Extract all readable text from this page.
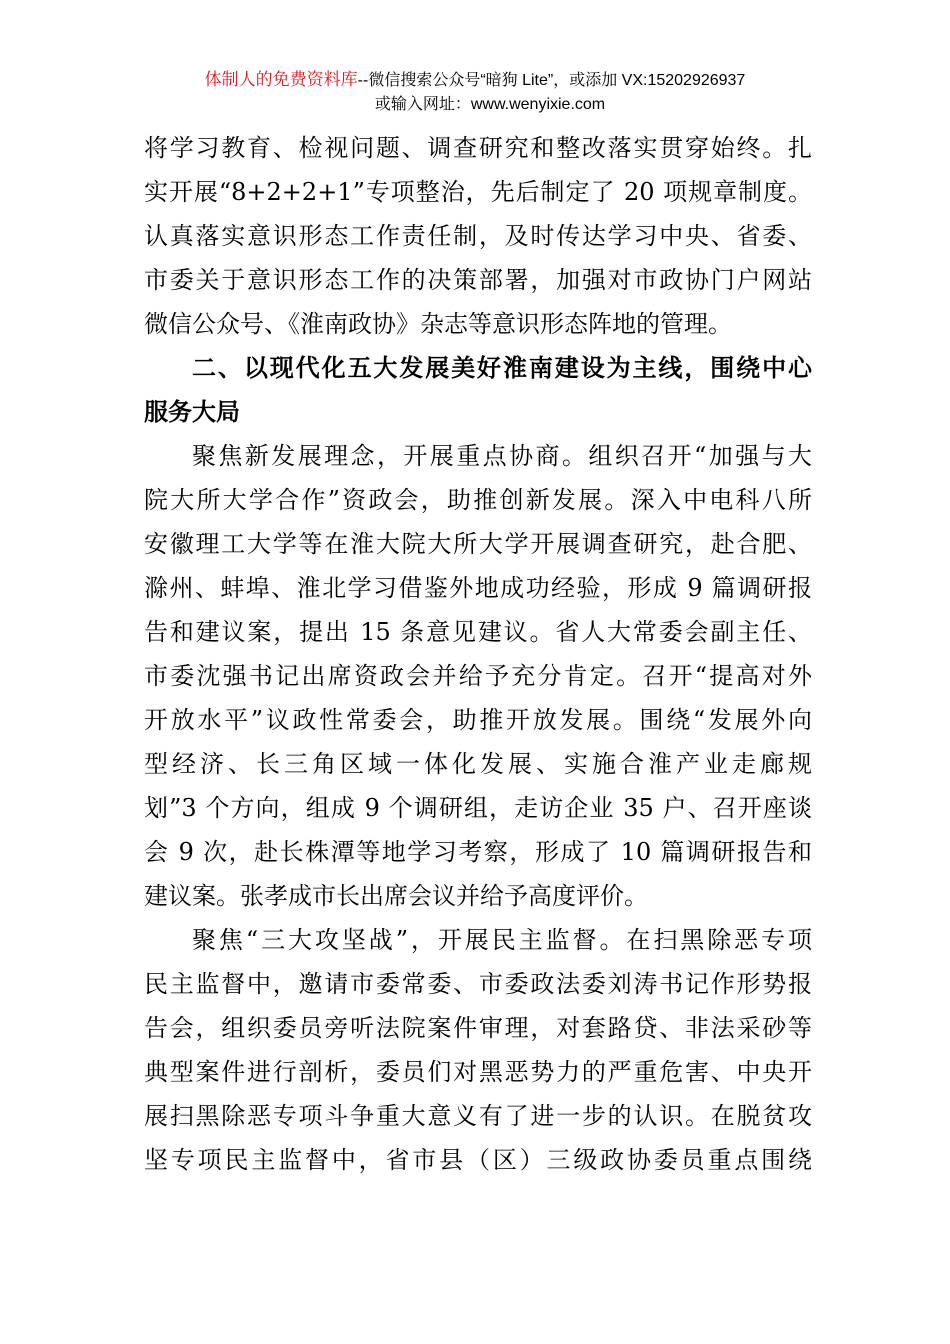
体制人的免费资料库--微信搜索公众号“暗狗 Lite”，或添加 VX:15202926937
或输入网址：www.wenyixie.com
将学习教育、检视问题、调查研究和整改落实贯穿始终。扎
实开展“8+2+2+1”专项整治，先后制定了 20 项规章制度。
认真落实意识形态工作责任制，及时传达学习中央、省委、
市委关于意识形态工作的决策部署，加强对市政协门户网站
微信公众号、《淮南政协》杂志等意识形态阵地的管理。
二、以现代化五大发展美好淮南建设为主线，围绕中心
服务大局
聚焦新发展理念，开展重点协商。组织召开“加强与大
院大所大学合作”资政会，助推创新发展。深入中电科八所
安徽理工大学等在淮大院大所大学开展调查研究，赴合肥、
滁州、蚌埠、淮北学习借鉴外地成功经验，形成 9 篇调研报
告和建议案，提出 15 条意见建议。省人大常委会副主任、
市委沈强书记出席资政会并给予充分肯定。召开“提高对外
开放水平”议政性常委会，助推开放发展。围绕“发展外向
型经济、长三角区域一体化发展、实施合淮产业走廊规
划”3 个方向，组成 9 个调研组，走访企业 35 户、召开座谈
会 9 次，赴长株潭等地学习考察，形成了 10 篇调研报告和
建议案。张孝成市长出席会议并给予高度评价。
聚焦“三大攻坚战”，开展民主监督。在扫黑除恶专项
民主监督中，邀请市委常委、市委政法委刘涛书记作形势报
告会，组织委员旁听法院案件审理，对套路贷、非法采砂等
典型案件进行剖析，委员们对黑恶势力的严重危害、中央开
展扫黑除恶专项斗争重大意义有了进一步的认识。在脱贫攻
坚专项民主监督中，省市县（区）三级政协委员重点围绕
